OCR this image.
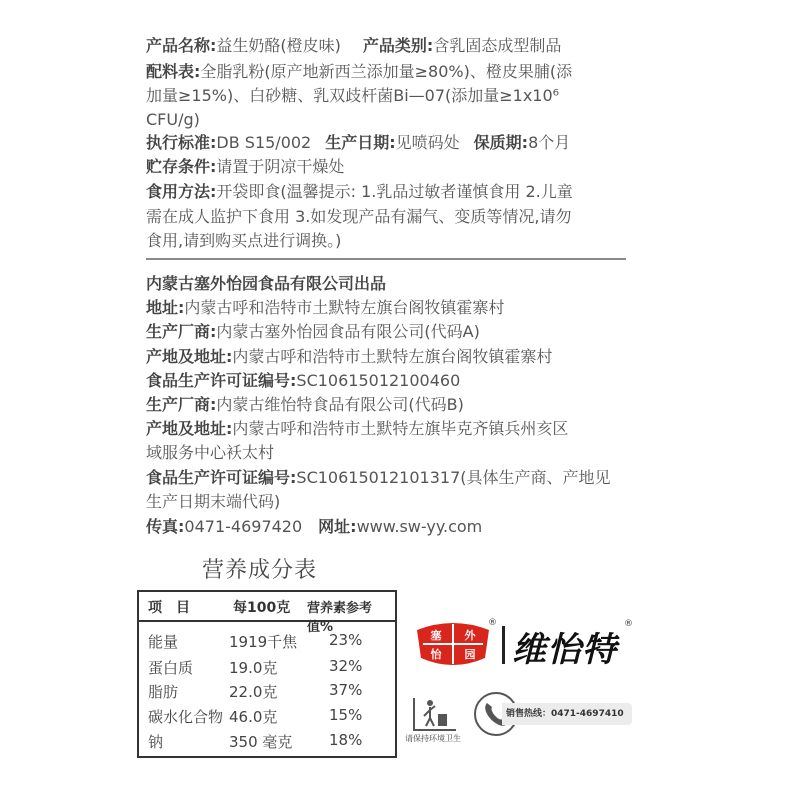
产品名称:益生奶酪(橙皮味) 产品类别:含乳固态成型制品
配料表:全脂乳粉(原产地新西兰添加量≥80%)、橙皮果脯(添
加量≥15%)、白砂糖、乳双歧杆菌Bi—07(添加量≥1x10⁶
CFU/g)
执行标准:DB S15/002 生产日期:见喷码处 保质期:8个月
贮存条件:请置于阴凉干燥处
食用方法:开袋即食(温馨提示: 1.乳品过敏者谨慎食用 2.儿童
需在成人监护下食用 3.如发现产品有漏气、变质等情况,请勿
食用,请到购买点进行调换。)
内蒙古塞外怡园食品有限公司出品
地址:内蒙古呼和浩特市土默特左旗台阁牧镇霍寨村
生产厂商:内蒙古塞外怡园食品有限公司(代码A)
产地及地址:内蒙古呼和浩特市土默特左旗台阁牧镇霍寨村
食品生产许可证编号:SC10615012100460
生产厂商:内蒙古维怡特食品有限公司(代码B)
产地及地址:内蒙古呼和浩特市土默特左旗毕克齐镇兵州亥区
域服务中心袄太村
食品生产许可证编号:SC10615012101317(具体生产商、产地见
生产日期末端代码)
传真:0471-4697420 网址:www.sw-yy.com
营养成分表
项　目	每100克 营养素参考值%
能量	1919千焦 23%
蛋白质 19.0克	32%
脂肪	22.0克	37%
碳水化合物 46.0克	15%
钠	350 毫克 18%
塞 外
怡 园
®
维怡特
®
请保持环境卫生
销售热线：0471-4697410
